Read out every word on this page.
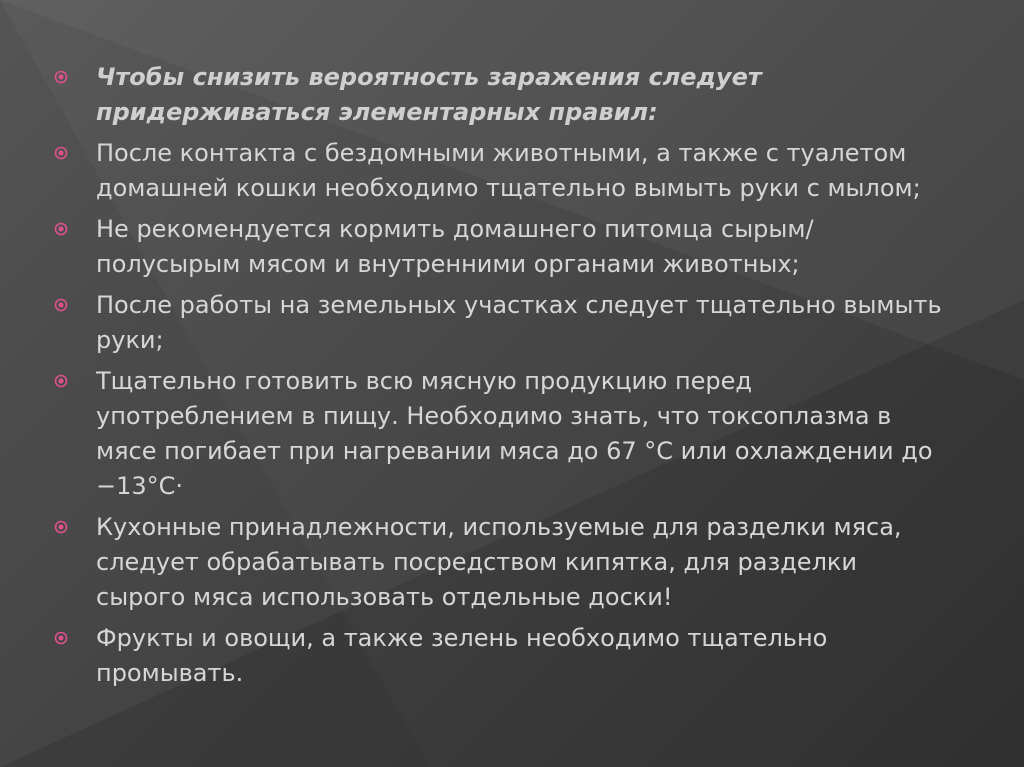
Чтобы снизить вероятность заражения следует придерживаться элементарных правил:
После контакта с бездомными животными, а также с туалетом домашней кошки необходимо тщательно вымыть руки с мылом;
Не рекомендуется кормить домашнего питомца сырым/полусырым мясом и внутренними органами животных;
После работы на земельных участках следует тщательно вымыть руки;
Тщательно готовить всю мясную продукцию перед употреблением в пищу. Необходимо знать, что токсоплазма в мясе погибает при нагревании мяса до 67 °C или охлаждении до −13°C·
Кухонные принадлежности, используемые для разделки мяса, следует обрабатывать посредством кипятка, для разделки сырого мяса использовать отдельные доски!
Фрукты и овощи, а также зелень необходимо тщательно промывать.
